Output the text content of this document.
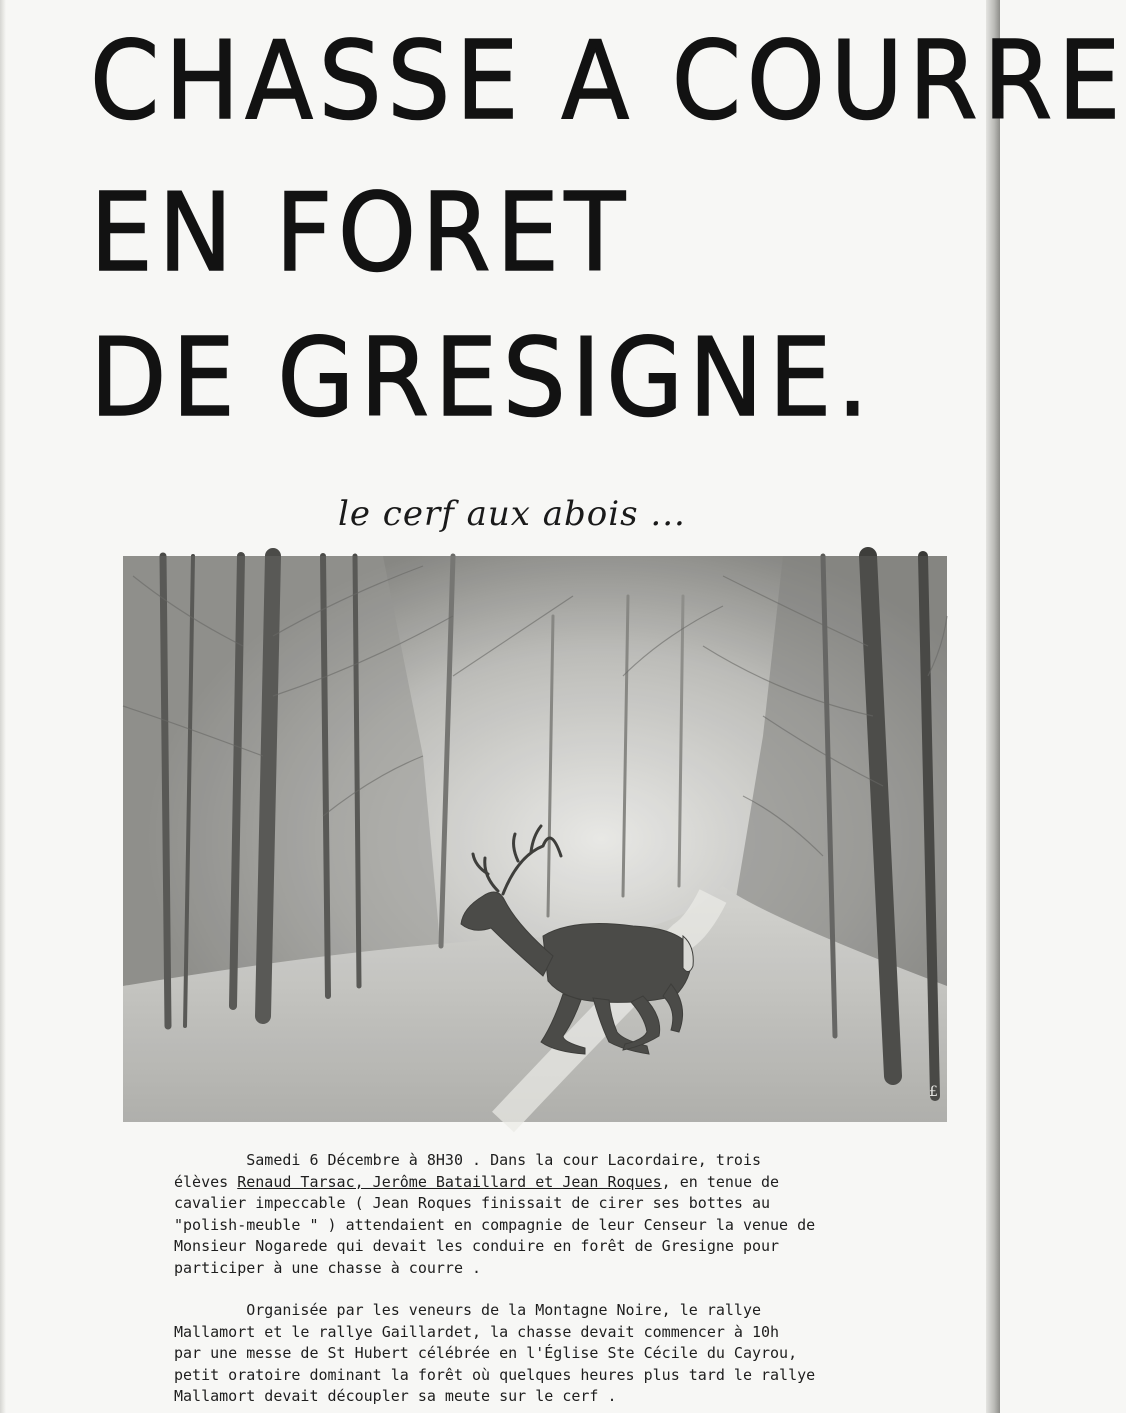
CHASSE A COURRE
EN FORET
DE GRESIGNE.
le cerf aux abois ...
£
Samedi 6 Décembre à 8H30 . Dans la cour Lacordaire, trois
élèves Renaud Tarsac, Jerôme Bataillard et Jean Roques, en tenue de
cavalier impeccable ( Jean Roques finissait de cirer ses bottes au
"polish-meuble " ) attendaient en compagnie de leur Censeur la venue de
Monsieur Nogarede qui devait les conduire en forêt de Gresigne pour
participer à une chasse à courre .
Organisée par les veneurs de la Montagne Noire, le rallye
Mallamort et le rallye Gaillardet, la chasse devait commencer à 10h
par une messe de St Hubert célébrée en l'Église Ste Cécile du Cayrou,
petit oratoire dominant la forêt où quelques heures plus tard le rallye
Mallamort devait découpler sa meute sur le cerf .
